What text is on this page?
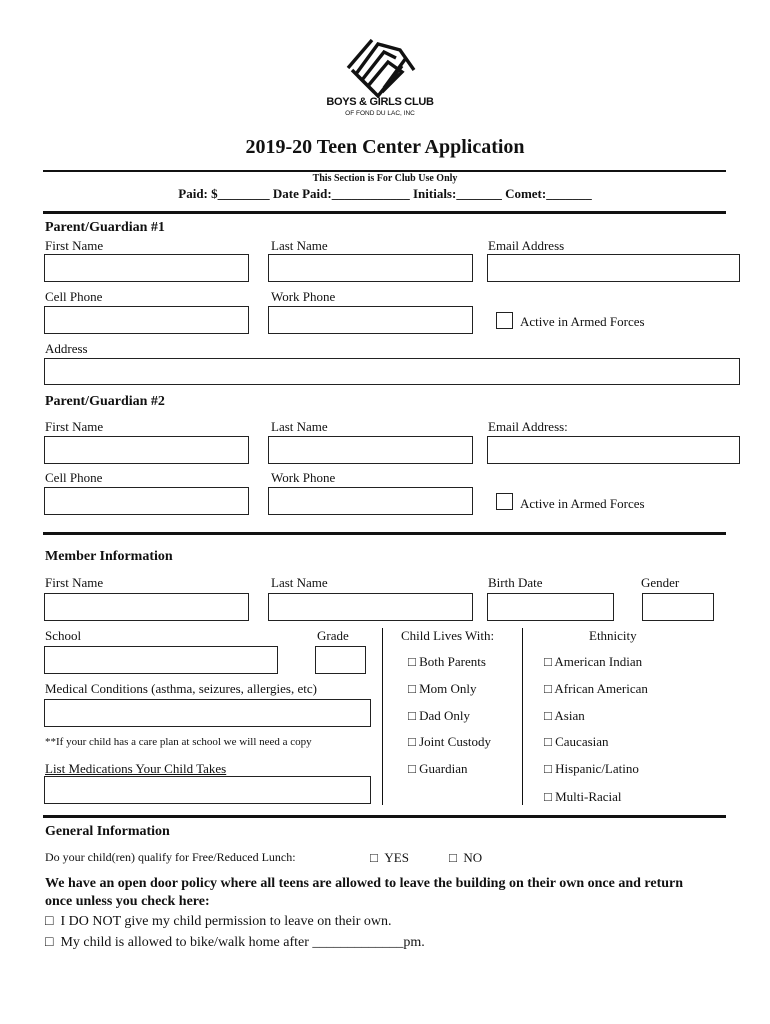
BOYS & GIRLS CLUB
OF FOND DU LAC, INC
2019-20 Teen Center Application
This Section is For Club Use Only
Paid: $________ Date Paid:____________ Initials:_______ Comet:_______
Parent/Guardian #1
First Name	Last Name	Email Address
Cell Phone	Work Phone
Active in Armed Forces
Address
Parent/Guardian #2
First Name	Last Name	Email Address:
Cell Phone	Work Phone
Active in Armed Forces
Member Information
First Name	Last Name	Birth Date	Gender
School	Grade
Medical Conditions (asthma, seizures, allergies, etc)
**If your child has a care plan at school we will need a copy
List Medications Your Child Takes
Child Lives With:
□ Both Parents
□ Mom Only
□ Dad Only
□ Joint Custody
□ Guardian
Ethnicity
□ American Indian
□ African American
□ Asian
□ Caucasian
□ Hispanic/Latino
□ Multi-Racial
General Information
Do your child(ren) qualify for Free/Reduced Lunch:	□ YES	□ NO
We have an open door policy where all teens are allowed to leave the building on their own once and return once unless you check here:
□ I DO NOT give my child permission to leave on their own.
□ My child is allowed to bike/walk home after _____________pm.
